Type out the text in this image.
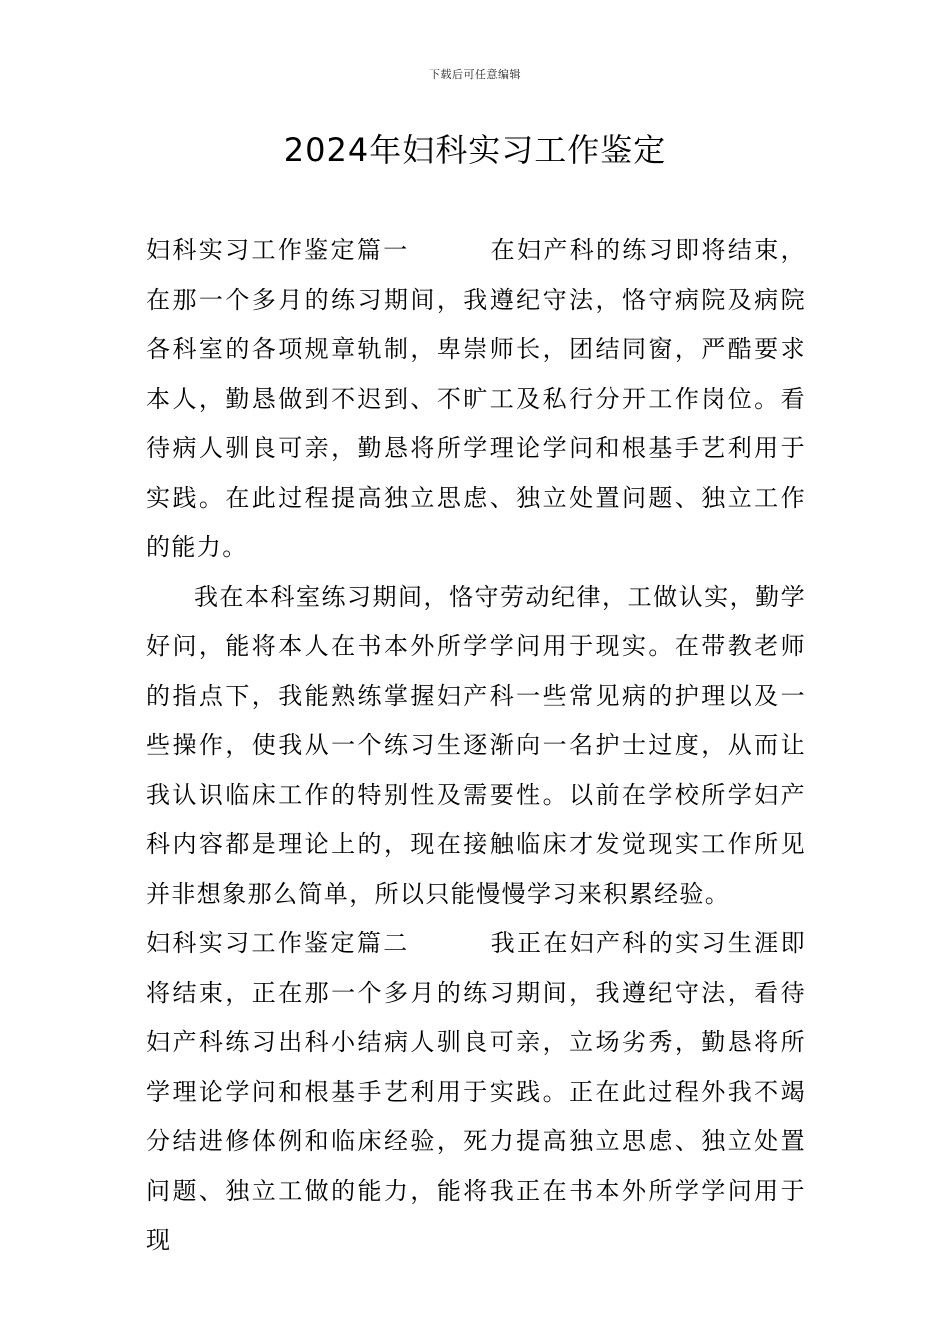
下载后可任意编辑
2024年妇科实习工作鉴定

妇科实习工作鉴定篇一	在妇产科的练习即将结束，在那一个多月的练习期间，我遵纪守法，恪守病院及病院各科室的各项规章轨制，卑崇师长，团结同窗，严酷要求本人，勤恳做到不迟到、不旷工及私行分开工作岗位。看待病人驯良可亲，勤恳将所学理论学问和根基手艺利用于实践。在此过程提高独立思虑、独立处置问题、独立工作的能力。

我在本科室练习期间，恪守劳动纪律，工做认实，勤学好问，能将本人在书本外所学学问用于现实。在带教老师的指点下，我能熟练掌握妇产科一些常见病的护理以及一些操作，使我从一个练习生逐渐向一名护士过度，从而让我认识临床工作的特别性及需要性。以前在学校所学妇产科内容都是理论上的，现在接触临床才发觉现实工作所见并非想象那么简单，所以只能慢慢学习来积累经验。

妇科实习工作鉴定篇二	我正在妇产科的实习生涯即将结束，正在那一个多月的练习期间，我遵纪守法，看待妇产科练习出科小结病人驯良可亲，立场劣秀，勤恳将所学理论学问和根基手艺利用于实践。正在此过程外我不竭分结进修体例和临床经验，死力提高独立思虑、独立处置问题、独立工做的能力，能将我正在书本外所学学问用于现
